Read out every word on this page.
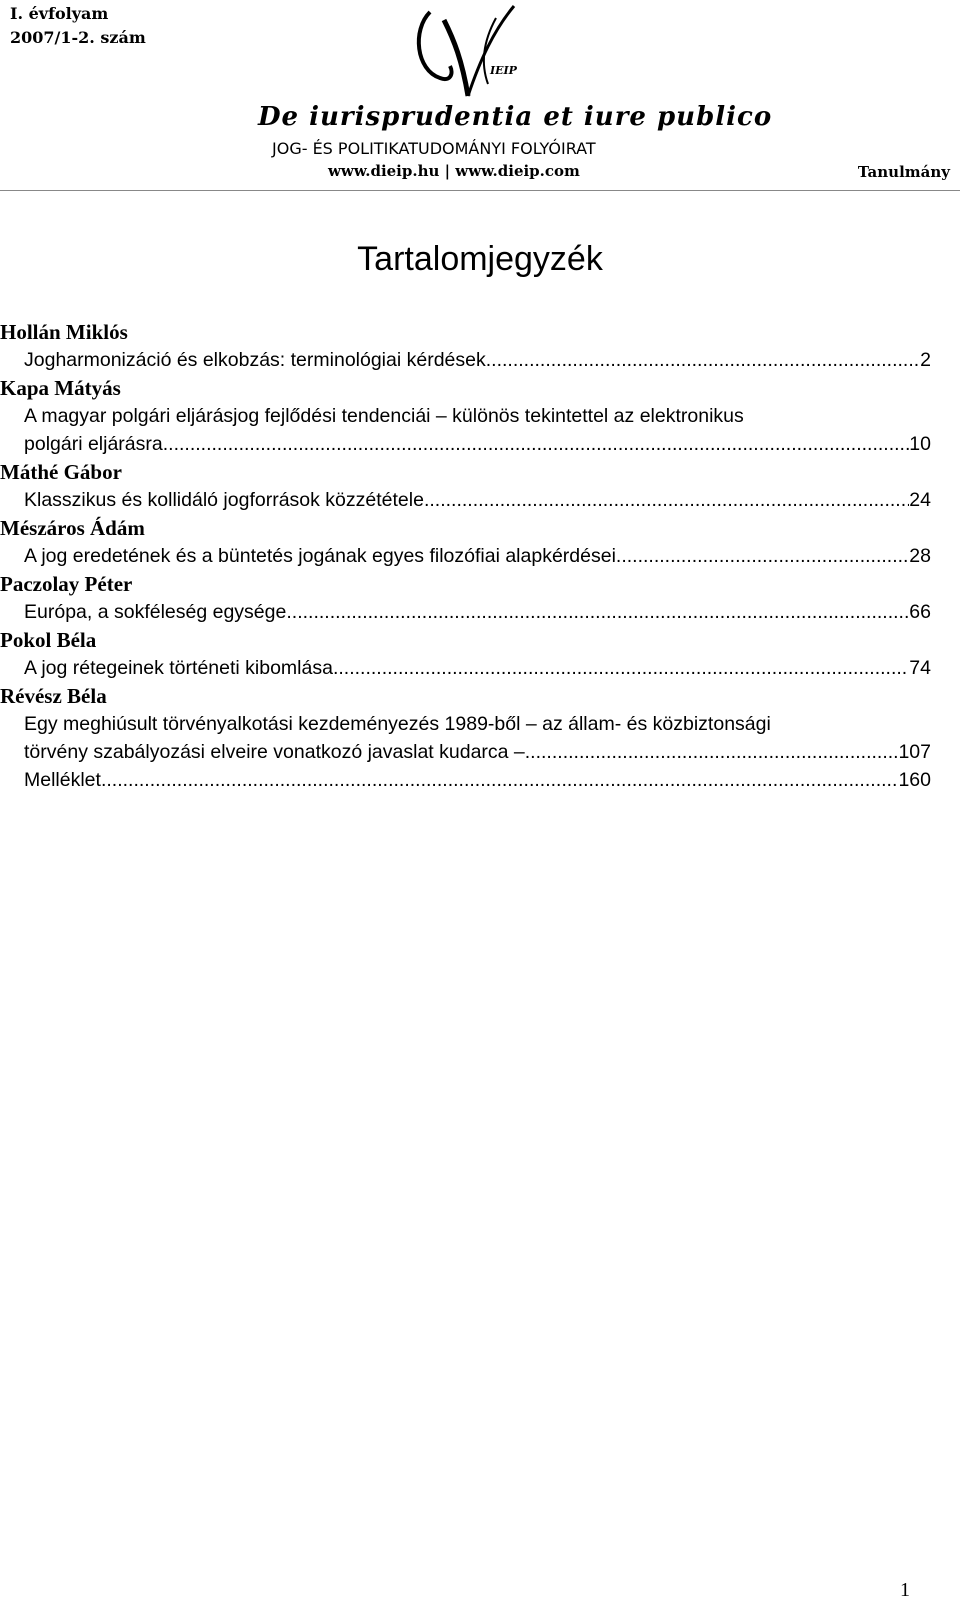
I. évfolyam
2007/1-2. szám
IEIP
De iurisprudentia et iure publico
JOG- ÉS POLITIKATUDOMÁNYI FOLYÓIRAT
www.dieip.hu | www.dieip.com	Tanulmány
Tartalomjegyzék
Hollán Miklós
Jogharmonizáció és elkobzás: terminológiai kérdések .....	2
Kapa Mátyás
A magyar polgári eljárásjog fejlődési tendenciái – különös tekintettel az elektronikus
polgári eljárásra .....	10
Máthé Gábor
Klasszikus és kollidáló jogforrások közzététele .....	24
Mészáros Ádám
A jog eredetének és a büntetés jogának egyes filozófiai alapkérdései .....	28
Paczolay Péter
Európa, a sokféleség egysége .....	66
Pokol Béla
A jog rétegeinek történeti kibomlása .....	74
Révész Béla
Egy meghiúsult törvényalkotási kezdeményezés 1989-ből – az állam- és közbiztonsági
törvény szabályozási elveire vonatkozó javaslat kudarca – .....	107
Melléklet .....	160
1
